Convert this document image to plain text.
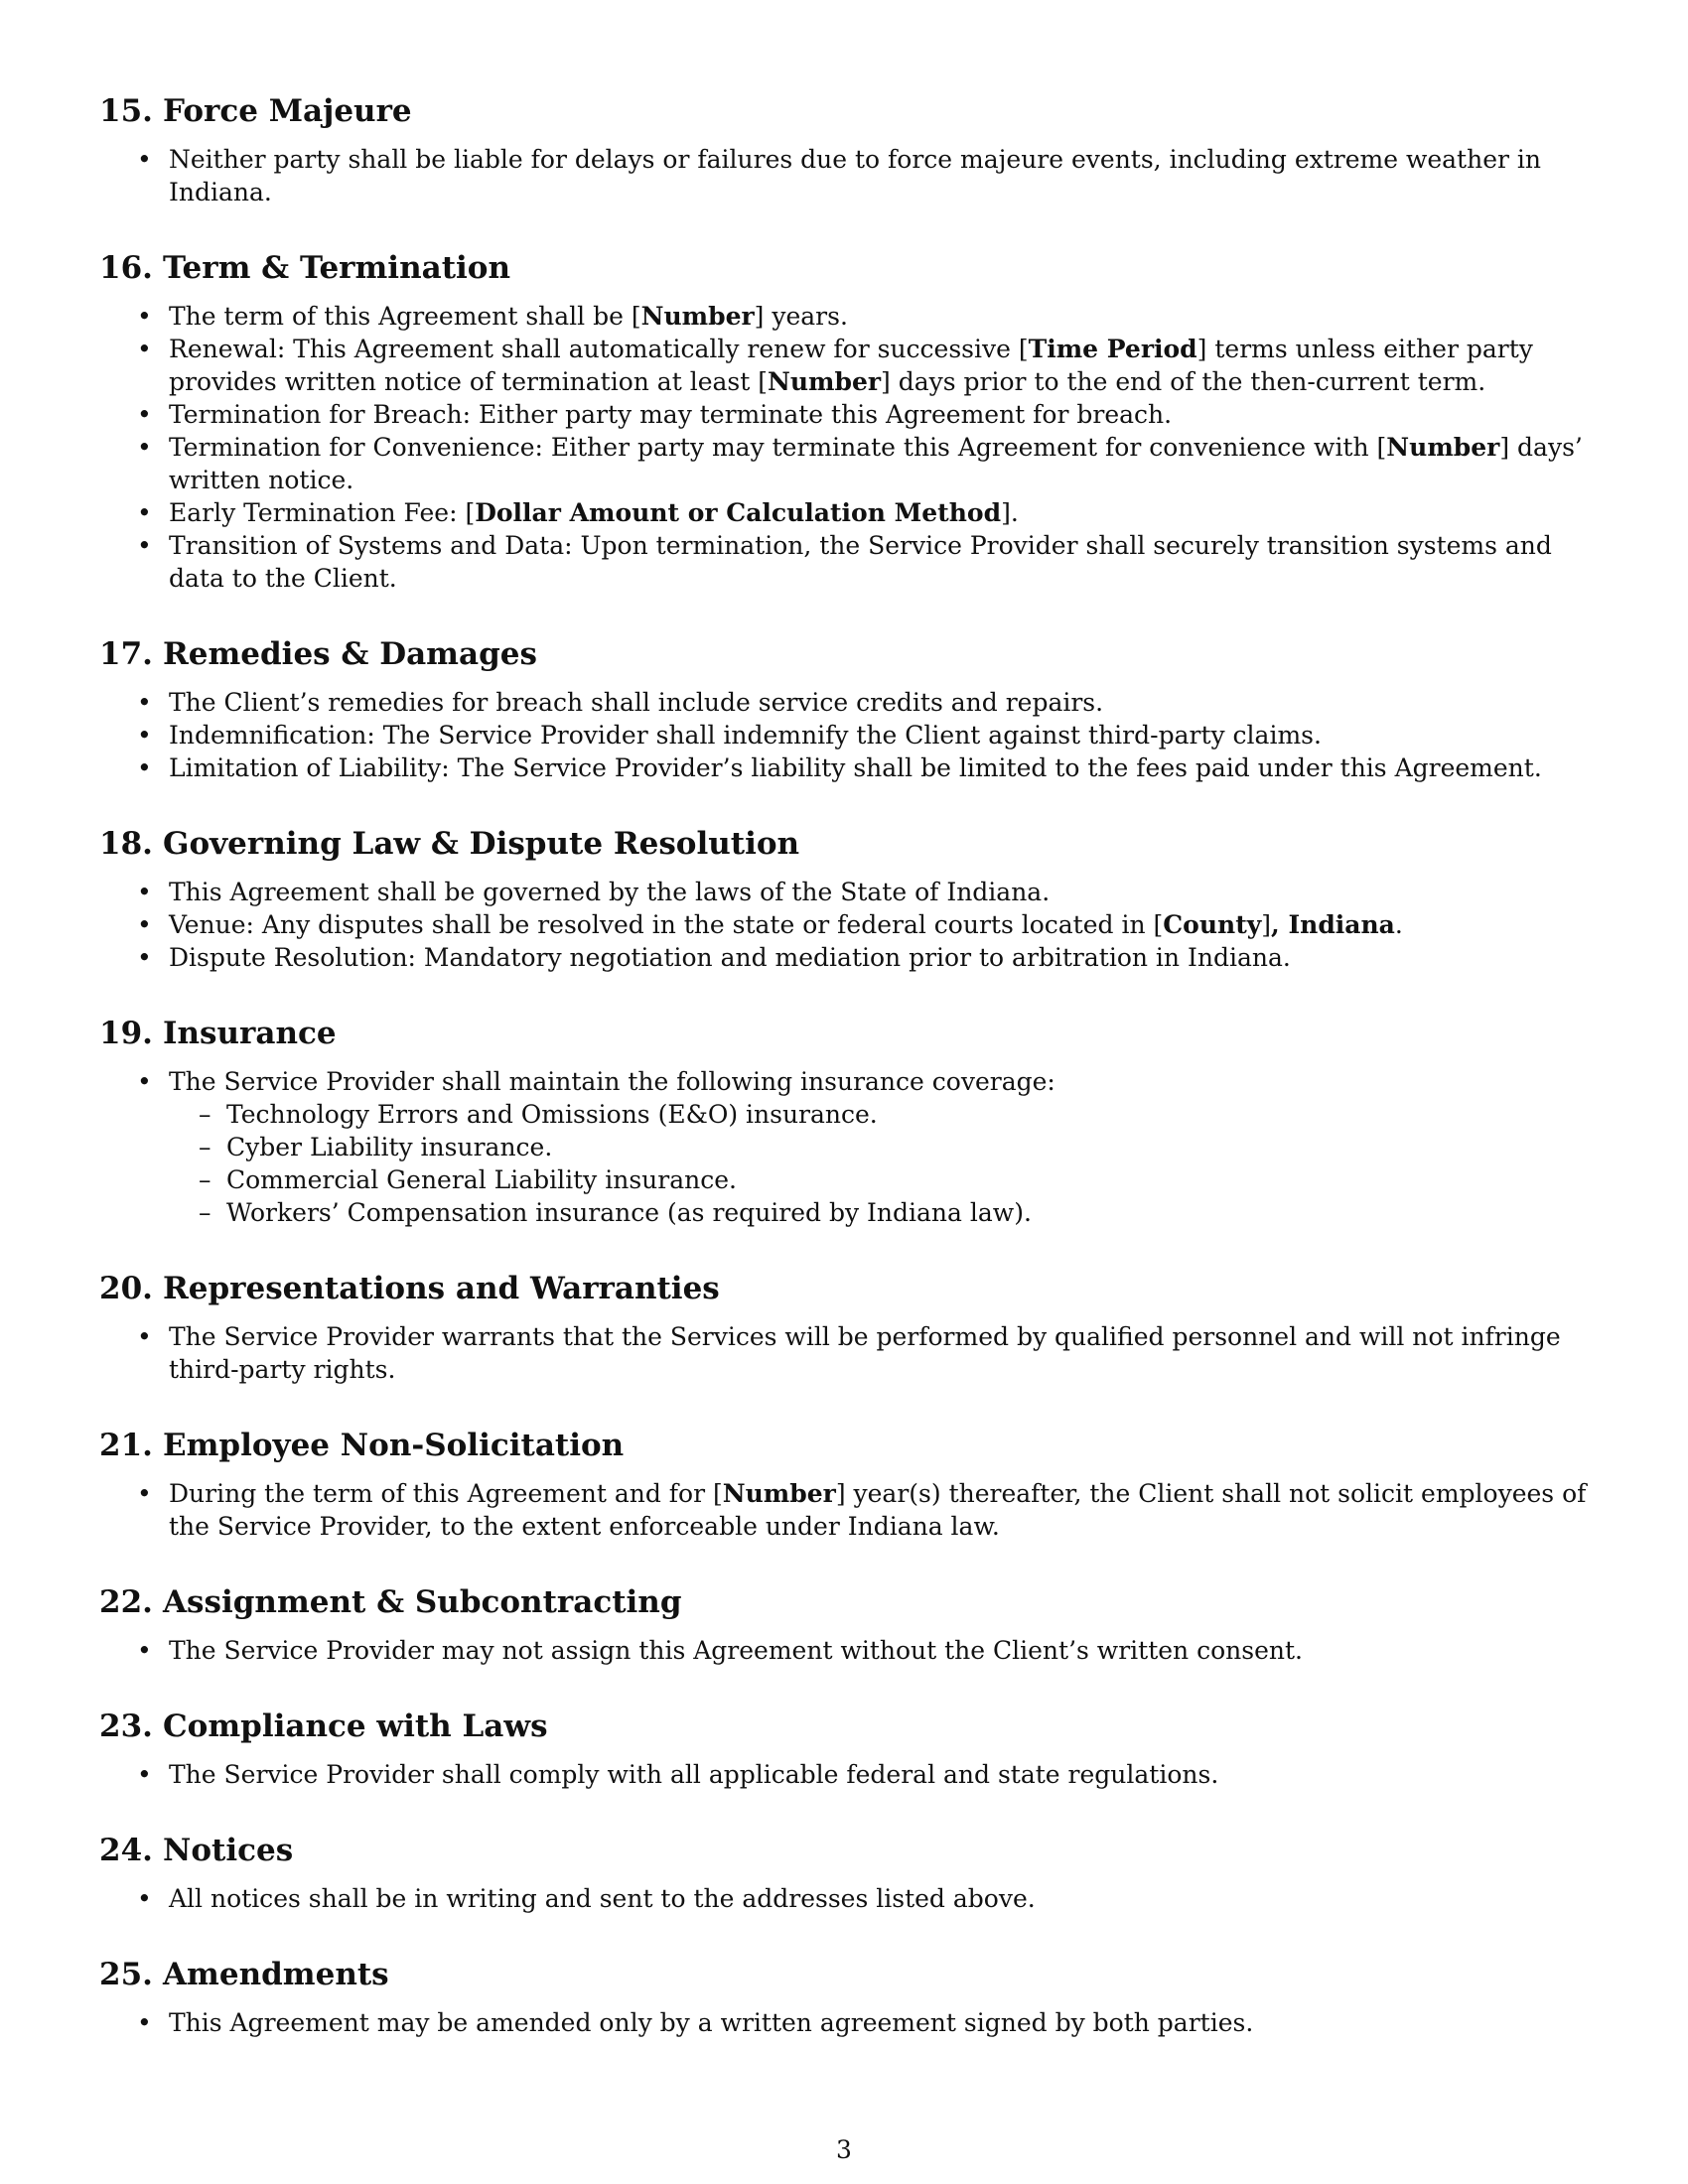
15. Force Majeure
• Neither party shall be liable for delays or failures due to force majeure events, including extreme weather in Indiana.
16. Term & Termination
• The term of this Agreement shall be [Number] years.
• Renewal: This Agreement shall automatically renew for successive [Time Period] terms unless either party provides written notice of termination at least [Number] days prior to the end of the then-current term.
• Termination for Breach: Either party may terminate this Agreement for breach.
• Termination for Convenience: Either party may terminate this Agreement for convenience with [Number] days’ written notice.
• Early Termination Fee: [Dollar Amount or Calculation Method].
• Transition of Systems and Data: Upon termination, the Service Provider shall securely transition systems and data to the Client.
17. Remedies & Damages
• The Client’s remedies for breach shall include service credits and repairs.
• Indemnification: The Service Provider shall indemnify the Client against third-party claims.
• Limitation of Liability: The Service Provider’s liability shall be limited to the fees paid under this Agreement.
18. Governing Law & Dispute Resolution
• This Agreement shall be governed by the laws of the State of Indiana.
• Venue: Any disputes shall be resolved in the state or federal courts located in [County], Indiana.
• Dispute Resolution: Mandatory negotiation and mediation prior to arbitration in Indiana.
19. Insurance
• The Service Provider shall maintain the following insurance coverage:
– Technology Errors and Omissions (E&O) insurance.
– Cyber Liability insurance.
– Commercial General Liability insurance.
– Workers’ Compensation insurance (as required by Indiana law).
20. Representations and Warranties
• The Service Provider warrants that the Services will be performed by qualified personnel and will not infringe third-party rights.
21. Employee Non-Solicitation
• During the term of this Agreement and for [Number] year(s) thereafter, the Client shall not solicit employees of the Service Provider, to the extent enforceable under Indiana law.
22. Assignment & Subcontracting
• The Service Provider may not assign this Agreement without the Client’s written consent.
23. Compliance with Laws
• The Service Provider shall comply with all applicable federal and state regulations.
24. Notices
• All notices shall be in writing and sent to the addresses listed above.
25. Amendments
• This Agreement may be amended only by a written agreement signed by both parties.
3
